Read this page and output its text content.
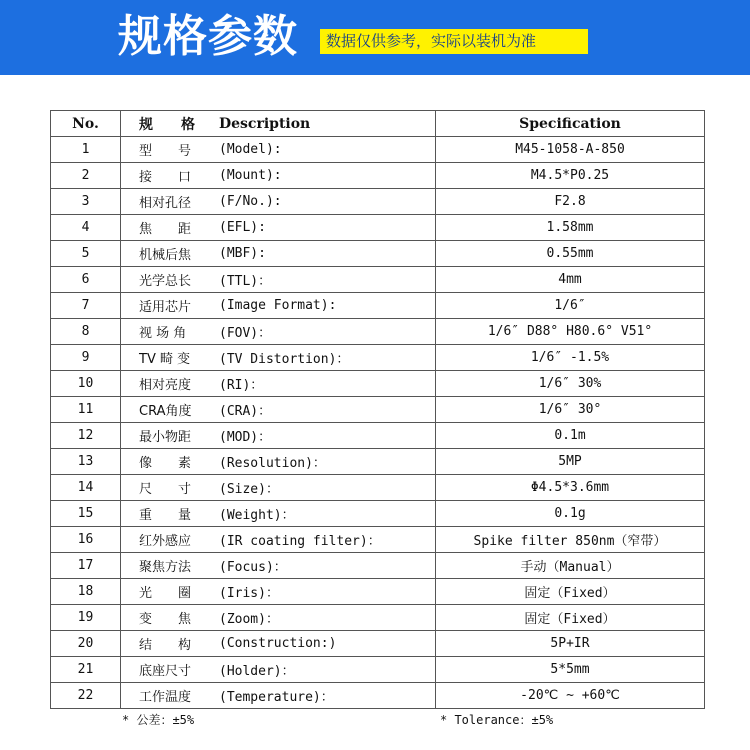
规格参数	数据仅供参考，实际以装机为准
No.	规　　格 Description	Specification
1	型　　号 (Model):	M45-1058-A-850
2	接　　口 (Mount):	M4.5*P0.25
3	相对孔径 (F/No.):	F2.8
4	焦　　距 (EFL):	1.58mm
5	机械后焦 (MBF):	0.55mm
6	光学总长 (TTL)：	4mm
7	适用芯片 (Image Format):	1/6″
8	视 场 角 (FOV)：	1/6″ D88° H80.6° V51°
9	TV 畸 变 (TV Distortion)：	1/6″ -1.5%
10	相对亮度 (RI)：	1/6″ 30%
11	CRA角度 (CRA)：	1/6″ 30°
12	最小物距 (MOD)：	0.1m
13	像　　素 (Resolution)：	5MP
14	尺　　寸 (Size)：	Φ4.5*3.6mm
15	重　　量 (Weight)：	0.1g
16	红外感应 (IR coating filter)：	Spike filter 850nm（窄带）
17	聚焦方法 (Focus)：	手动（Manual）
18	光　　圈 (Iris)：	固定（Fixed）
19	变　　焦 (Zoom)：	固定（Fixed）
20	结　　构 (Construction:)	5P+IR
21	底座尺寸 (Holder)：	5*5mm
22	工作温度 (Temperature)：	-20℃ ~ +60℃
* 公差：±5%	* Tolerance：±5%
